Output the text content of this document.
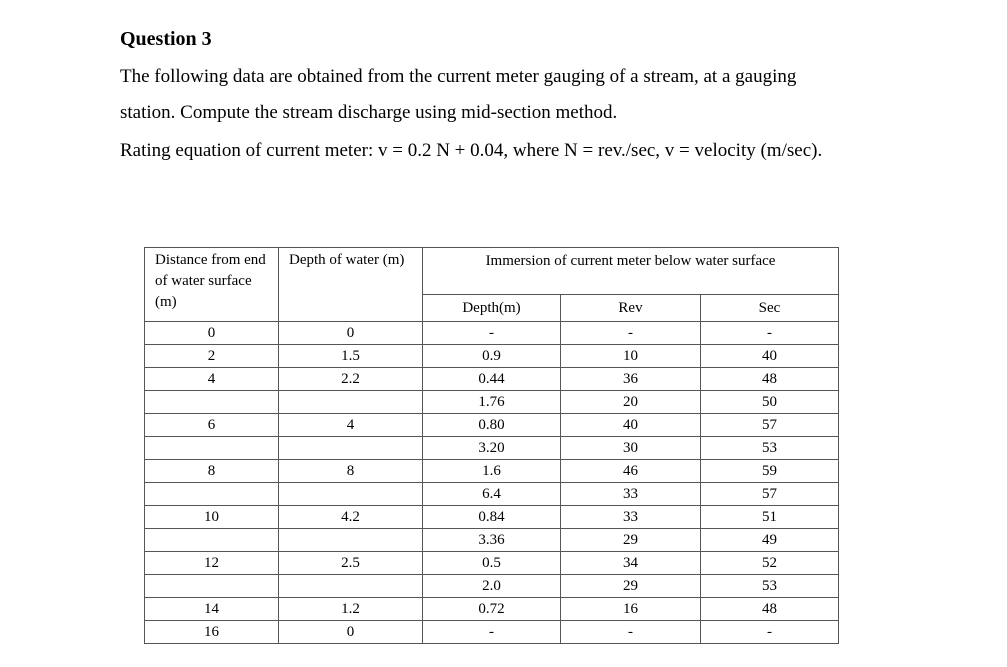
Question 3
The following data are obtained from the current meter gauging of a stream, at a gauging
station. Compute the stream discharge using mid-section method.
Rating equation of current meter: v = 0.2 N + 0.04, where N = rev./sec, v = velocity (m/sec).
Distance from end of water surface (m)	Depth of water (m)	Immersion of current meter below water surface		
		Depth(m)	Rev	Sec
0	0	-	-	-
2	1.5	0.9	10	40
4	2.2	0.44	36	48
		1.76	20	50
6	4	0.80	40	57
		3.20	30	53
8	8	1.6	46	59
		6.4	33	57
10	4.2	0.84	33	51
		3.36	29	49
12	2.5	0.5	34	52
		2.0	29	53
14	1.2	0.72	16	48
16	0	-	-	-
